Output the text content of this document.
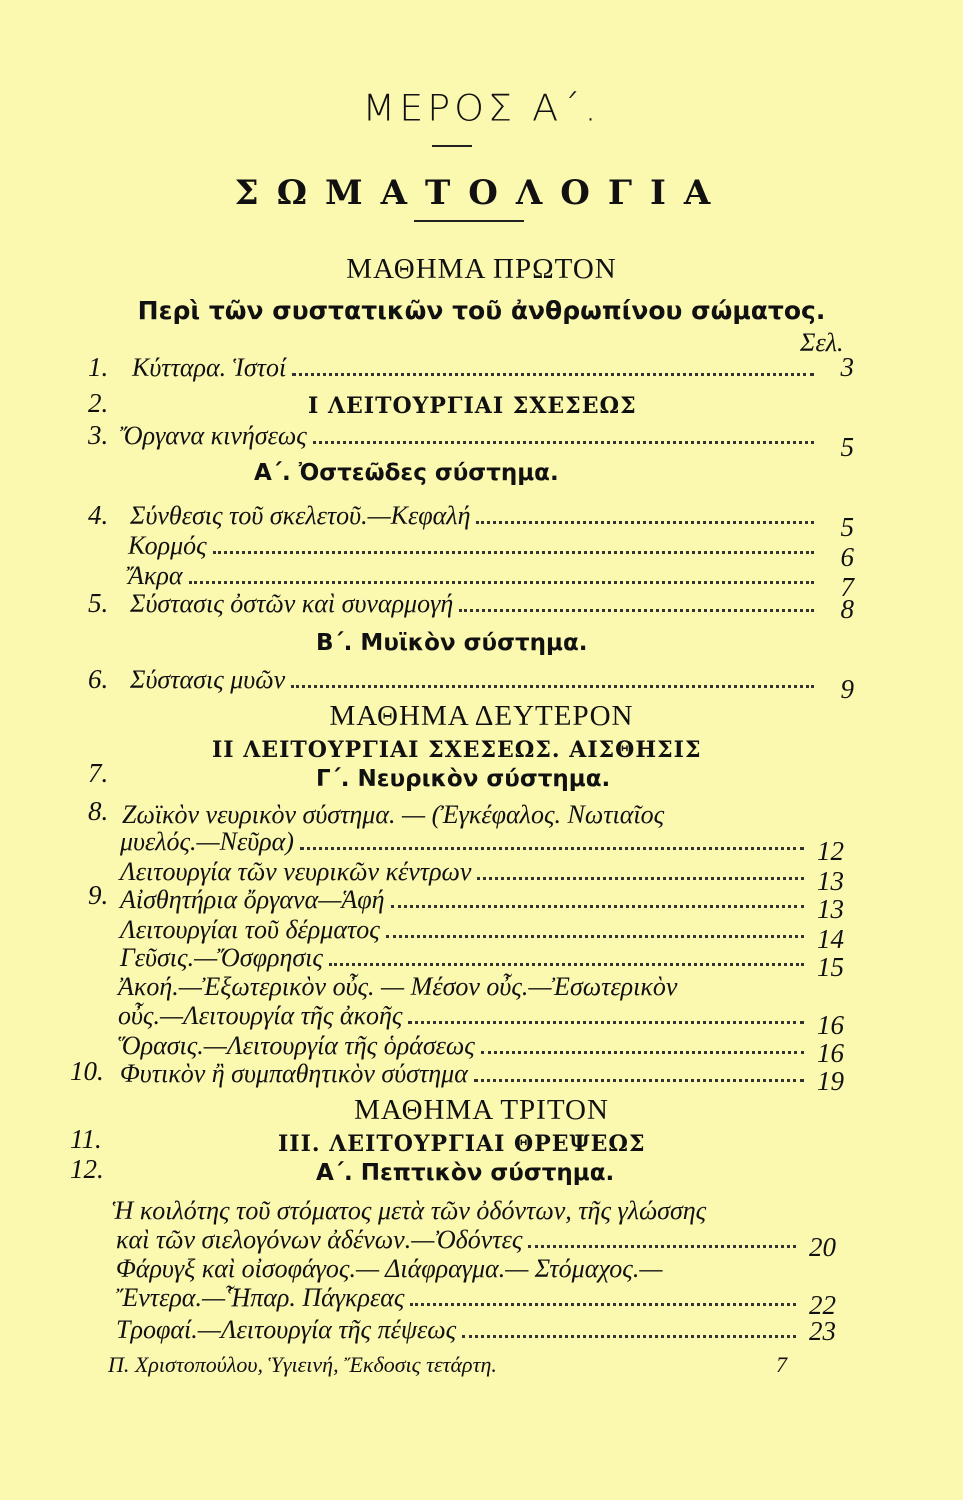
ΜΕΡΟΣ Α΄.
ΣΩΜΑΤΟΛΟΓΙΑ
ΜΑΘΗΜΑ ΠΡΩΤΟΝ
Περὶ τῶν συστατικῶν τοῦ ἀνθρωπίνου σώματος.
Σελ.
1. Κύτταρα. Ἱστοί	3
2.	Ι ΛΕΙΤΟΥΡΓΙΑΙ ΣΧΕΣΕΩΣ
3. Ὄργανα κινήσεως	5
Α΄. Ὀστεῶδες σύστημα.
4. Σύνθεσις τοῦ σκελετοῦ.—Κεφαλή	5
Κορμός	6
Ἄκρα	7
5. Σύστασις ὀστῶν καὶ συναρμογή	8
Β΄. Μυϊκὸν σύστημα.
6. Σύστασις μυῶν	9
ΜΑΘΗΜΑ ΔΕΥΤΕΡΟΝ
ΙΙ ΛΕΙΤΟΥΡΓΙΑΙ ΣΧΕΣΕΩΣ. ΑΙΣΘΗΣΙΣ
7.	Γ΄. Νευρικὸν σύστημα.
8. Ζωϊκὸν νευρικὸν σύστημα. — (Ἐγκέφαλος. Νωτιαῖος
μυελός.—Νεῦρα)	12
Λειτουργία τῶν νευρικῶν κέντρων	13
9. Αἰσθητήρια ὄργανα—Ἁφή	13
Λειτουργίαι τοῦ δέρματος	14
Γεῦσις.—Ὄσφρησις	15
Ἀκοή.—Ἐξωτερικὸν οὖς. — Μέσον οὖς.—Ἐσωτερικὸν
οὖς.—Λειτουργία τῆς ἀκοῆς	16
Ὅρασις.—Λειτουργία τῆς ὁράσεως	16
10. Φυτικὸν ἢ συμπαθητικὸν σύστημα	19
ΜΑΘΗΜΑ ΤΡΙΤΟΝ
11.	ΙΙΙ. ΛΕΙΤΟΥΡΓΙΑΙ ΘΡΕΨΕΩΣ
12.	Α΄. Πεπτικὸν σύστημα.
Ἡ κοιλότης τοῦ στόματος μετὰ τῶν ὀδόντων, τῆς γλώσσης
καὶ τῶν σιελογόνων ἀδένων.—Ὀδόντες	20
Φάρυγξ καὶ οἰσοφάγος.— Διάφραγμα.— Στόμαχος.—
Ἔντερα.—Ἧπαρ. Πάγκρεας	22
Τροφαί.—Λειτουργία τῆς πέψεως	23
Π. Χριστοπούλου, Ὑγιεινή, Ἔκδοσις τετάρτη.	7
